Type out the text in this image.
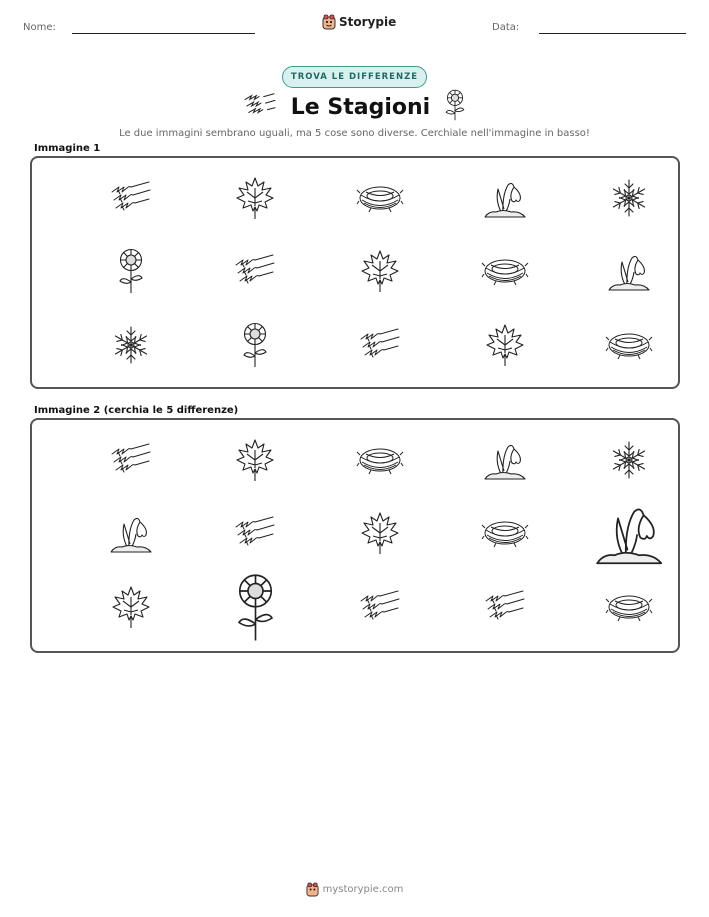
Nome:	Storypie	Data:
TROVA LE DIFFERENZE
Le Stagioni
Le due immagini sembrano uguali, ma 5 cose sono diverse. Cerchiale nell'immagine in basso!
Immagine 1
Immagine 2 (cerchia le 5 differenze)
mystorypie.com
